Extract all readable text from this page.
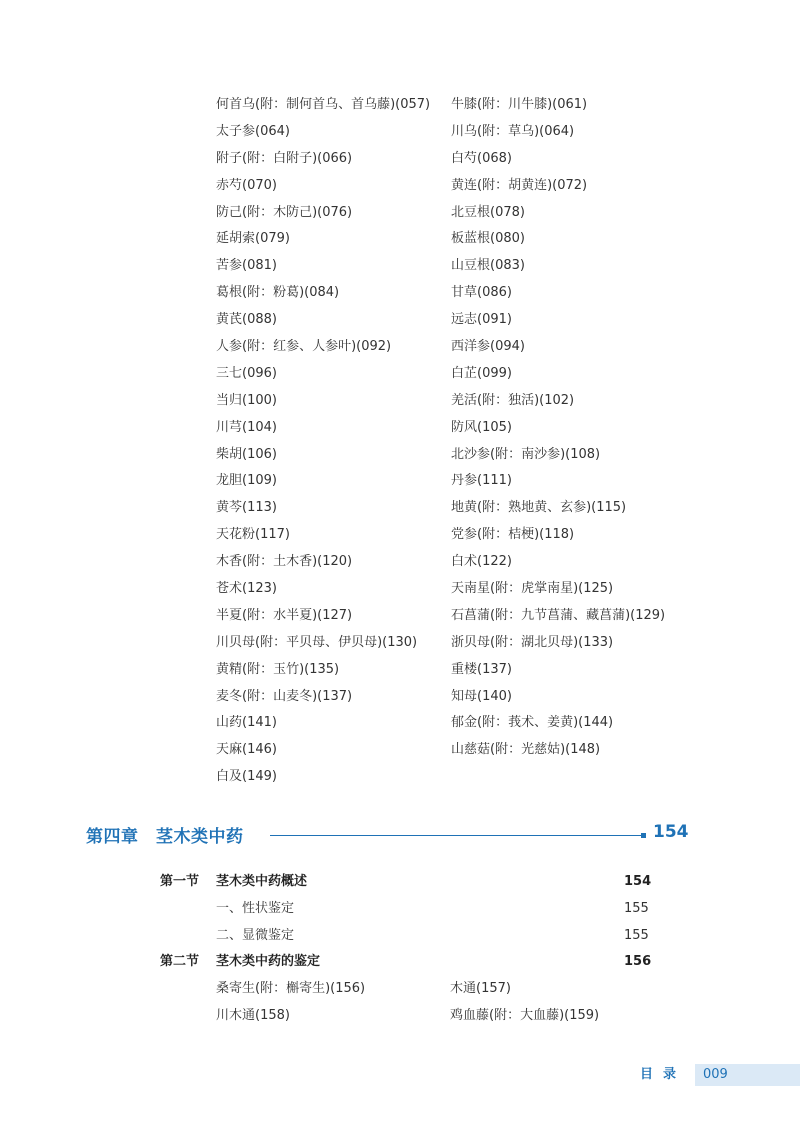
何首乌(附：制何首乌、首乌藤)(057) 牛膝(附：川牛膝)(061)
太子参(064)	川乌(附：草乌)(064)
附子(附：白附子)(066)	白芍(068)
赤芍(070)	黄连(附：胡黄连)(072)
防己(附：木防己)(076)	北豆根(078)
延胡索(079)	板蓝根(080)
苦参(081)	山豆根(083)
葛根(附：粉葛)(084)	甘草(086)
黄芪(088)	远志(091)
人参(附：红参、人参叶)(092)	西洋参(094)
三七(096)	白芷(099)
当归(100)	羌活(附：独活)(102)
川芎(104)	防风(105)
柴胡(106)	北沙参(附：南沙参)(108)
龙胆(109)	丹参(111)
黄芩(113)	地黄(附：熟地黄、玄参)(115)
天花粉(117)	党参(附：桔梗)(118)
木香(附：土木香)(120)	白术(122)
苍术(123)	天南星(附：虎掌南星)(125)
半夏(附：水半夏)(127)	石菖蒲(附：九节菖蒲、藏菖蒲)(129)
川贝母(附：平贝母、伊贝母)(130)	浙贝母(附：湖北贝母)(133)
黄精(附：玉竹)(135)	重楼(137)
麦冬(附：山麦冬)(137)	知母(140)
山药(141)	郁金(附：莪术、姜黄)(144)
天麻(146)	山慈菇(附：光慈姑)(148)
白及(149)
第四章　茎木类中药	154
第一节 茎木类中药概述	154
一、性状鉴定	155
二、显微鉴定	155
第二节 茎木类中药的鉴定	156
桑寄生(附：槲寄生)(156)	木通(157)
川木通(158)	鸡血藤(附：大血藤)(159)
目录 009
